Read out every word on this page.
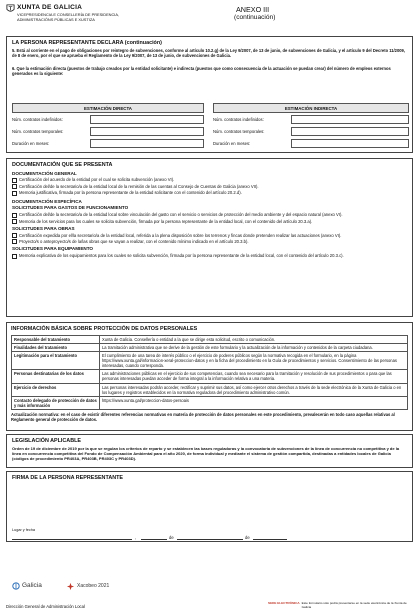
XUNTA DE GALICIA
VICEPRESIDENCIA E CONSELLERÍA DE PRESIDENCIA,
ADMINISTRACIÓNS PÚBLICAS E XUSTIZA
ANEXO III
(continuación)
LA PERSONA REPRESENTANTE DECLARA (continuación)
5. Está al corriente en el pago de obligaciones por reintegro de subvenciones, conforme al artículo 10.2.g) de la Ley 9/2007, de 13 de junio, de subvenciones de Galicia, y el artículo 9 del Decreto 11/2009, de 8 de enero, por el que se aprueba el Reglamento de la Ley 9/2007, de 13 de junio, de subvenciones de Galicia.
6. Que la estimación directa (puestos de trabajo creados por la entidad solicitante) e indirecta (puestos que como consecuencia de la actuación se puedan crear) del número de empleos externos generados es la siguiente:
ESTIMACIÓN DIRECTA
Núm. contratos indefinidos:
Núm. contratos temporales:
Duración en meses:
ESTIMACIÓN INDIRECTA
Núm. contratos indefinidos:
Núm. contratos temporales:
Duración en meses:
DOCUMENTACIÓN QUE SE PRESENTA
DOCUMENTACIÓN GENERAL
Certificación del acuerdo de la entidad por el cual se solicita subvención (anexo VI).
Certificación del/de la secretario/a de la entidad local de la remisión de las cuentas al Consejo de Cuentas de Galicia (anexo VII).
Memoria justificativa, firmada por la persona representante de la entidad solicitante con el contenido del artículo 20.2.d).
DOCUMENTACIÓN ESPECÍFICA
SOLICITUDES PARA GASTOS DE FUNCIONAMIENTO
Certificación del/de la secretario/a de la entidad local sobre vinculación del gasto con el servicio o servicios de protección del medio ambiente y del espacio natural (anexo VI).
Memoria de los servicios para los cuales se solicita subvención, firmada por la persona representante de la entidad local, con el contenido del artículo 20.3.a).
SOLICITUDES PARA OBRAS
Certificación expedida por el/la secretario/a de la entidad local, referida a la plena disposición sobre los terrenos y fincas donde pretenden realizar las actuaciones (anexo VI).
Proyecto/s o anteproyecto/s de la/las obras que se vayan a realizar, con el contenido mínimo indicado en el artículo 20.3.b).
SOLICITUDES PARA EQUIPAMIENTO
Memoria explicativa de los equipamientos para los cuales se solicita subvención, firmada por la persona representante de la entidad local, con el contenido del artículo 20.3.c).
INFORMACIÓN BÁSICA SOBRE PROTECCIÓN DE DATOS PERSONALES
Responsable del tratamiento	Xunta de Galicia. Consellería o entidad a la que se dirige esta solicitud, escrito o comunicación.
Finalidades del tratamiento	La tramitación administrativa que se derive de la gestión de este formulario y la actualización de la información y contenidos de la carpeta ciudadana.
Legitimación para el tratamiento	El cumplimiento de una tarea de interés público o el ejercicio de poderes públicos según la normativa recogida en el formulario, en la página https://www.xunta.gal/informacion-xeral-proteccion-datos y en la ficha del procedimiento en la Guía de procedimientos y servicios. Consentimiento de las personas interesadas, cuando corresponda.
Personas destinatarias de los datos	Las administraciones públicas en el ejercicio de sus competencias, cuando sea necesario para la tramitación y resolución de sus procedimientos o para que las personas interesadas puedan acceder de forma integral a la información relativa a una materia.
Ejercicio de derechos	Las personas interesadas podrán acceder, rectificar y suprimir sus datos, así como ejercer otros derechos a través de la sede electrónica de la Xunta de Galicia o en los lugares y registros establecidos en la normativa reguladora del procedimiento administrativo común.
Contacto delegado de protección de datos y más información	https://www.xunta.gal/proteccion-datos-persoais
Actualización normativa: en el caso de existir diferentes referencias normativas en materia de protección de datos personales en este procedimiento, prevalecerán en todo caso aquellas relativas al Reglamento general de protección de datos.
LEGISLACIÓN APLICABLE
Orden de 19 de diciembre de 2019 por la que se regulan los criterios de reparto y se establecen las bases reguladoras y la convocatoria de subvenciones de la línea de concurrencia no competitiva y de la línea en concurrencia competitiva del Fondo de Compensación Ambiental para el año 2020, de forma individual y mediante el sistema de gestión compartida, destinadas a entidades locales de Galicia (códigos de procedimiento PR403A, PR403B, PR403C y PR403D).
FIRMA DE LA PERSONA REPRESENTANTE
Lugar y fecha
,	de	de
Galicia	Xacobeo 2021
Dirección General de Administración Local
SEDE ELECTRÓNICA Este formulario sólo podrá presentarse en la sede electrónica de la Xunta de Galicia
